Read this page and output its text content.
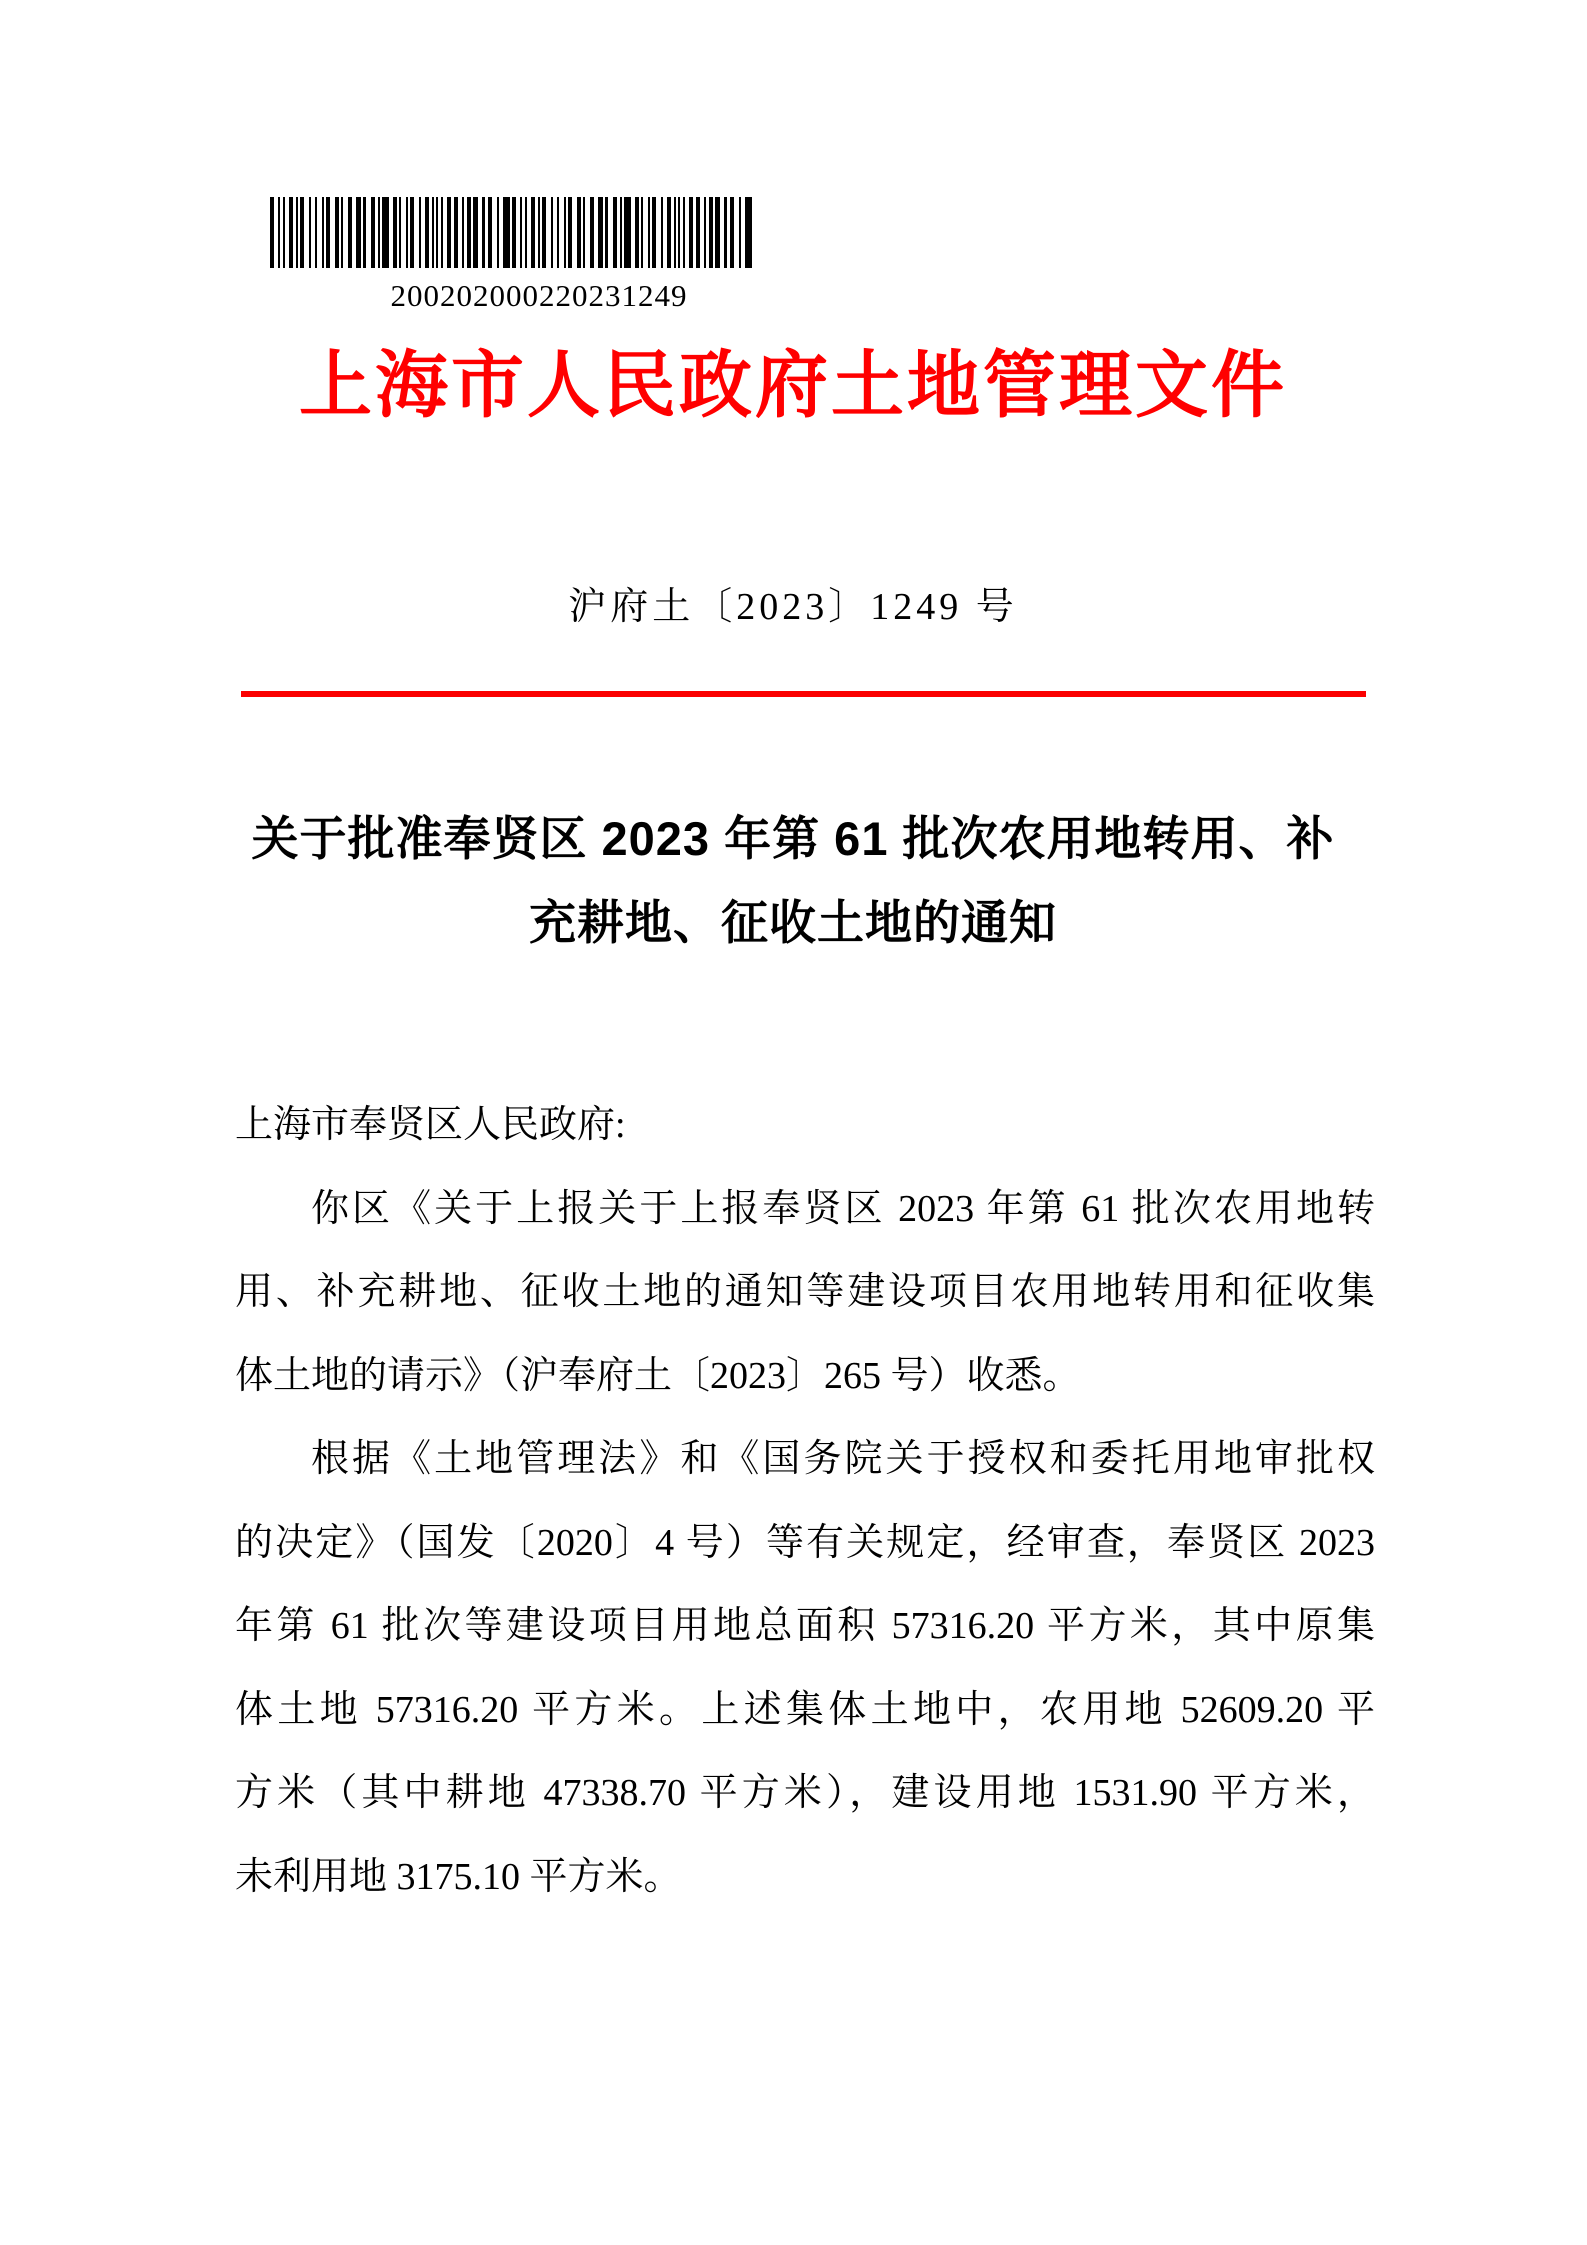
200202000220231249
上海市人民政府土地管理文件
沪府土〔2023〕1249 号
关于批准奉贤区 2023 年第 61 批次农用地转用、补
充耕地、征收土地的通知
上海市奉贤区人民政府:
你区《关于上报关于上报奉贤区 2023 年第 61 批次农用地转
用、补充耕地、征收土地的通知等建设项目农用地转用和征收集
体土地的请示》（沪奉府土〔2023〕265 号）收悉。
根据《土地管理法》和《国务院关于授权和委托用地审批权
的决定》（国发〔2020〕4 号）等有关规定，经审查，奉贤区 2023
年第 61 批次等建设项目用地总面积 57316.20 平方米，其中原集
体土地 57316.20 平方米。上述集体土地中，农用地 52609.20 平
方米（其中耕地 47338.70 平方米），建设用地 1531.90 平方米，
未利用地 3175.10 平方米。
